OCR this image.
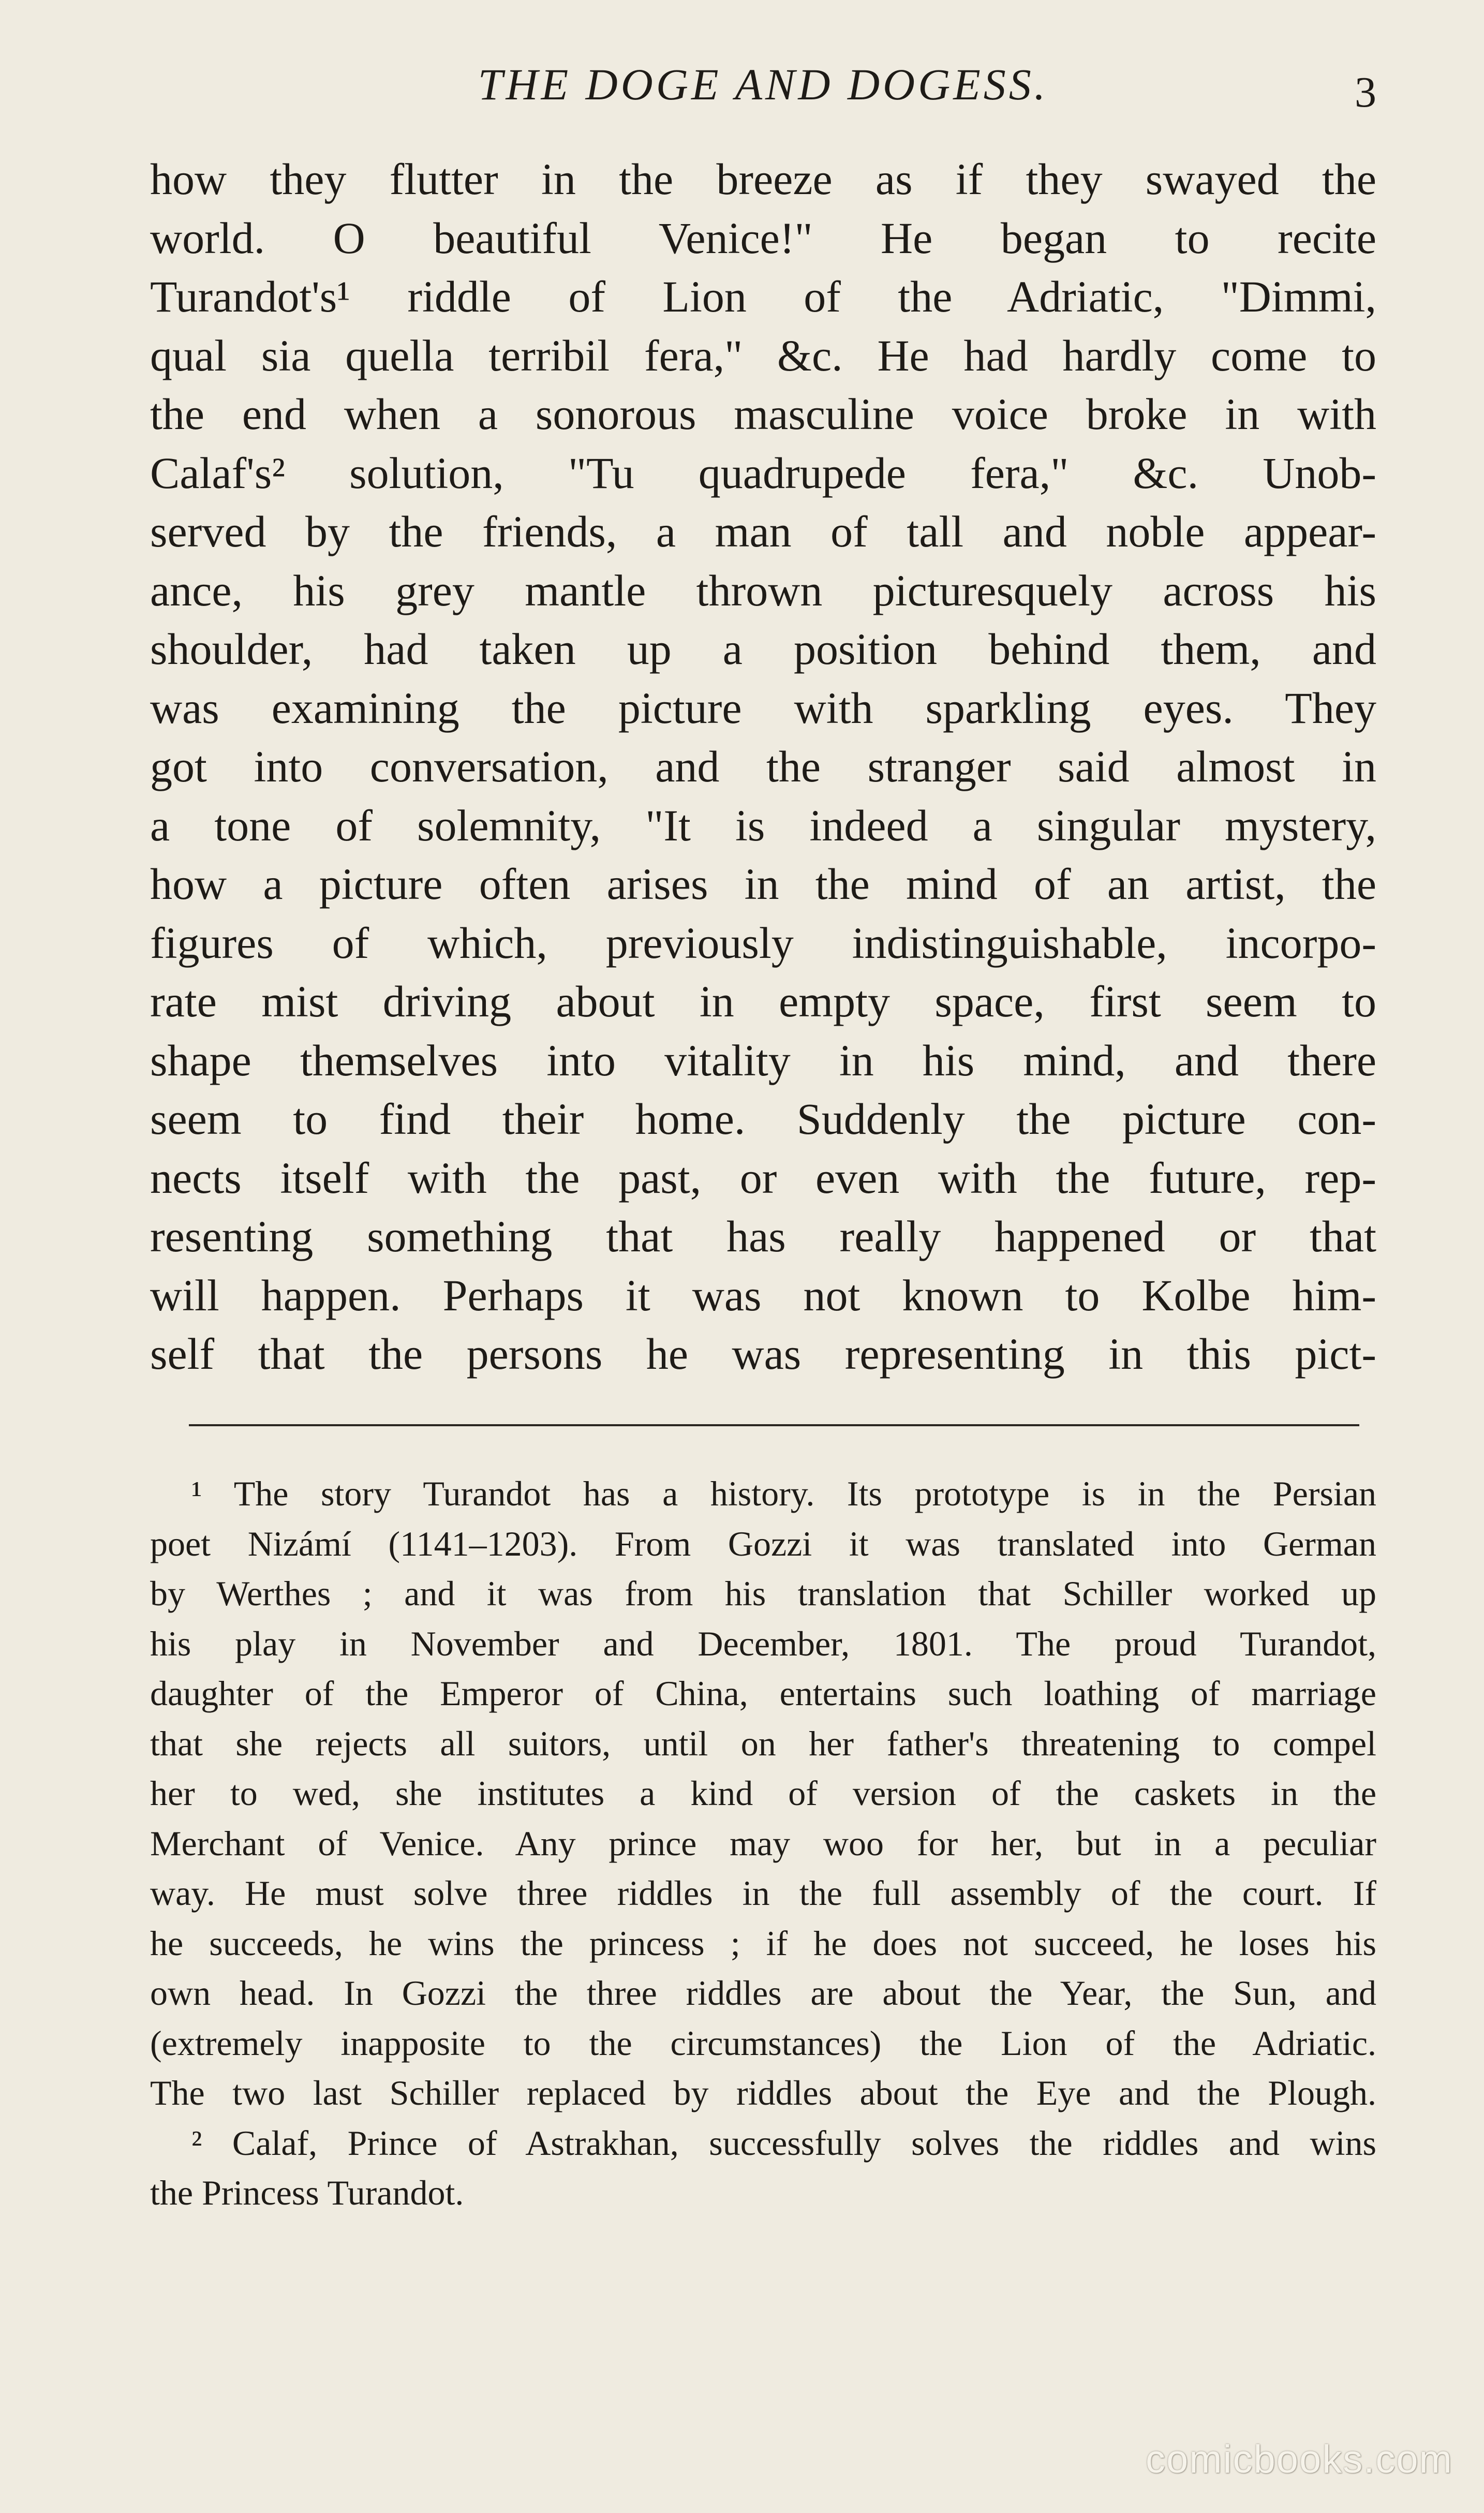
THE DOGE AND DOGESS.	3
how they flutter in the breeze as if they swayed the
world. O beautiful Venice!" He began to recite
Turandot's¹ riddle of Lion of the Adriatic, "Dimmi,
qual sia quella terribil fera," &c. He had hardly come to
the end when a sonorous masculine voice broke in with
Calaf's² solution, "Tu quadrupede fera," &c. Unob-
served by the friends, a man of tall and noble appear-
ance, his grey mantle thrown picturesquely across his
shoulder, had taken up a position behind them, and
was examining the picture with sparkling eyes. They
got into conversation, and the stranger said almost in
a tone of solemnity, "It is indeed a singular mystery,
how a picture often arises in the mind of an artist, the
figures of which, previously indistinguishable, incorpo-
rate mist driving about in empty space, first seem to
shape themselves into vitality in his mind, and there
seem to find their home. Suddenly the picture con-
nects itself with the past, or even with the future, rep-
resenting something that has really happened or that
will happen. Perhaps it was not known to Kolbe him-
self that the persons he was representing in this pict-
¹ The story Turandot has a history. Its prototype is in the Persian
poet Nizámí (1141–1203). From Gozzi it was translated into German
by Werthes ; and it was from his translation that Schiller worked up
his play in November and December, 1801. The proud Turandot,
daughter of the Emperor of China, entertains such loathing of marriage
that she rejects all suitors, until on her father's threatening to compel
her to wed, she institutes a kind of version of the caskets in the
Merchant of Venice. Any prince may woo for her, but in a peculiar
way. He must solve three riddles in the full assembly of the court. If
he succeeds, he wins the princess ; if he does not succeed, he loses his
own head. In Gozzi the three riddles are about the Year, the Sun, and
(extremely inapposite to the circumstances) the Lion of the Adriatic.
The two last Schiller replaced by riddles about the Eye and the Plough.
² Calaf, Prince of Astrakhan, successfully solves the riddles and wins
the Princess Turandot.
comicbooks.com
